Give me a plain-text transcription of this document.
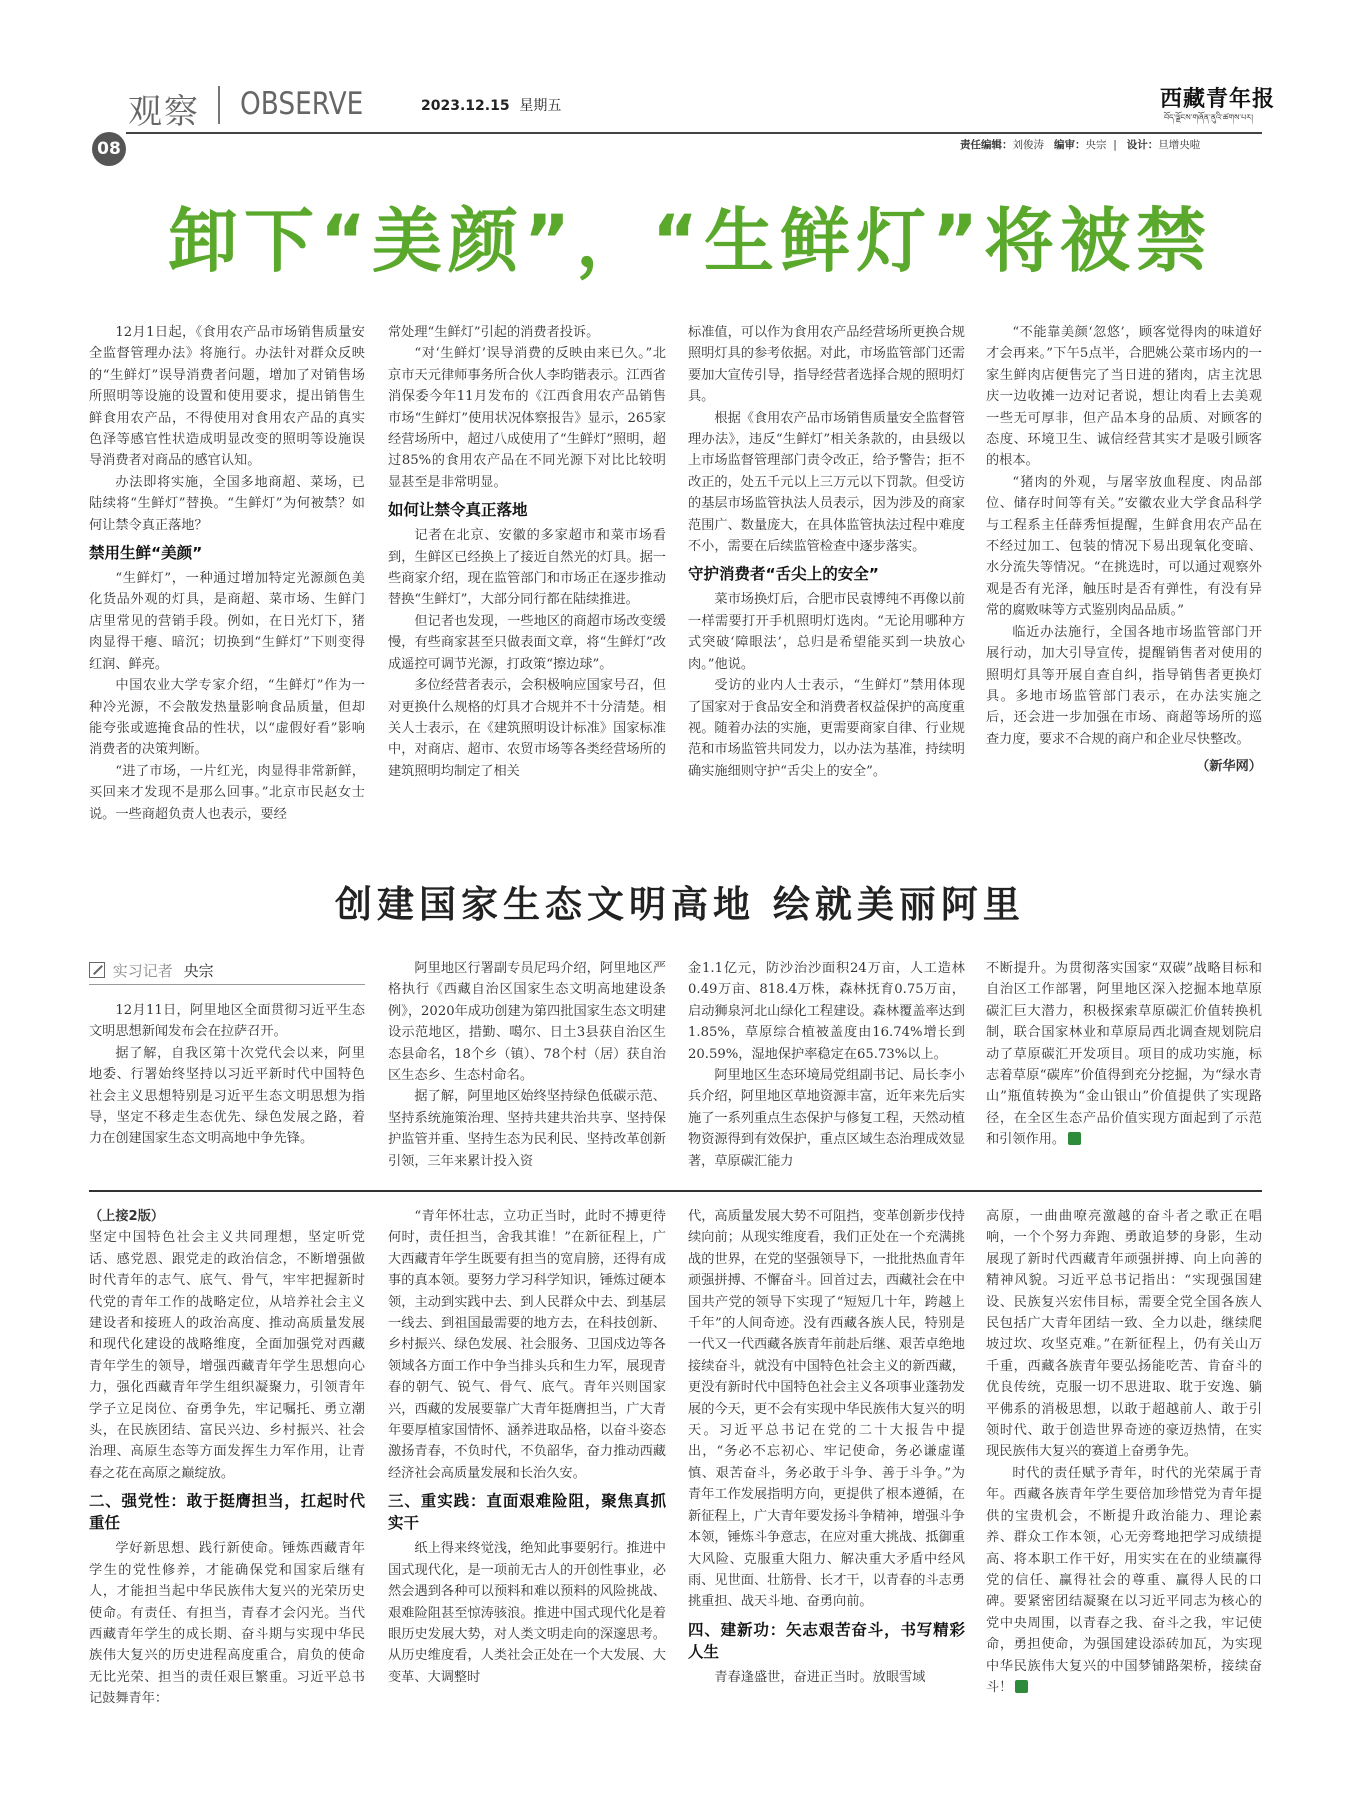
观察 OBSERVE	2023.12.15 星期五	西藏青年报
བོད་ལྗོངས་གཞོན་ནུའི་ཚགས་པར།
08	责任编辑：刘俊涛 编审：央宗  |   设计：旦增央啦
卸下“美颜”，“生鲜灯”将被禁

12月1日起，《食用农产品市场销售质量安全监督管理办法》将施行。办法针对群众反映的“生鲜灯”误导消费者问题，增加了对销售场所照明等设施的设置和使用要求，提出销售生鲜食用农产品，不得使用对食用农产品的真实色泽等感官性状造成明显改变的照明等设施误导消费者对商品的感官认知。

办法即将实施，全国多地商超、菜场，已陆续将“生鲜灯”替换。“生鲜灯”为何被禁？如何让禁令真正落地？

禁用生鲜“美颜”

“生鲜灯”，一种通过增加特定光源颜色美化货品外观的灯具，是商超、菜市场、生鲜门店里常见的营销手段。例如，在日光灯下，猪肉显得干瘪、暗沉；切换到“生鲜灯”下则变得红润、鲜亮。

中国农业大学专家介绍，“生鲜灯”作为一种冷光源，不会散发热量影响食品质量，但却能夸张或遮掩食品的性状，以“虚假好看”影响消费者的决策判断。

“进了市场，一片红光，肉显得非常新鲜，买回来才发现不是那么回事。”北京市民赵女士说。一些商超负责人也表示，要经

常处理“生鲜灯”引起的消费者投诉。

“对‘生鲜灯’误导消费的反映由来已久。”北京市天元律师事务所合伙人李昀锴表示。江西省消保委今年11月发布的《江西食用农产品销售市场“生鲜灯”使用状况体察报告》显示，265家经营场所中，超过八成使用了“生鲜灯”照明，超过85%的食用农产品在不同光源下对比比较明显甚至是非常明显。

如何让禁令真正落地

记者在北京、安徽的多家超市和菜市场看到，生鲜区已经换上了接近自然光的灯具。据一些商家介绍，现在监管部门和市场正在逐步推动替换“生鲜灯”，大部分同行都在陆续推进。

但记者也发现，一些地区的商超市场改变缓慢，有些商家甚至只做表面文章，将“生鲜灯”改成遥控可调节光源，打政策“擦边球”。

多位经营者表示，会积极响应国家号召，但对更换什么规格的灯具才合规并不十分清楚。相关人士表示，在《建筑照明设计标准》国家标准中，对商店、超市、农贸市场等各类经营场所的建筑照明均制定了相关

标准值，可以作为食用农产品经营场所更换合规照明灯具的参考依据。对此，市场监管部门还需要加大宣传引导，指导经营者选择合规的照明灯具。

根据《食用农产品市场销售质量安全监督管理办法》，违反“生鲜灯”相关条款的，由县级以上市场监督管理部门责令改正，给予警告；拒不改正的，处五千元以上三万元以下罚款。但受访的基层市场监管执法人员表示，因为涉及的商家范围广、数量庞大，在具体监管执法过程中难度不小，需要在后续监管检查中逐步落实。

守护消费者“舌尖上的安全”

菜市场换灯后，合肥市民袁博纯不再像以前一样需要打开手机照明灯选肉。“无论用哪种方式突破‘障眼法’，总归是希望能买到一块放心肉。”他说。

受访的业内人士表示，“生鲜灯”禁用体现了国家对于食品安全和消费者权益保护的高度重视。随着办法的实施，更需要商家自律、行业规范和市场监管共同发力，以办法为基准，持续明确实施细则守护“舌尖上的安全”。

“不能靠美颜‘忽悠’，顾客觉得肉的味道好才会再来。”下午5点半，合肥姚公菜市场内的一家生鲜肉店便售完了当日进的猪肉，店主沈思庆一边收摊一边对记者说，想让肉看上去美观一些无可厚非，但产品本身的品质、对顾客的态度、环境卫生、诚信经营其实才是吸引顾客的根本。

“猪肉的外观，与屠宰放血程度、肉品部位、储存时间等有关。”安徽农业大学食品科学与工程系主任薛秀恒提醒，生鲜食用农产品在不经过加工、包装的情况下易出现氧化变暗、水分流失等情况。“在挑选时，可以通过观察外观是否有光泽，触压时是否有弹性，有没有异常的腐败味等方式鉴别肉品品质。”

临近办法施行，全国各地市场监管部门开展行动，加大引导宣传，提醒销售者对使用的照明灯具等开展自查自纠，指导销售者更换灯具。多地市场监管部门表示，在办法实施之后，还会进一步加强在市场、商超等场所的巡查力度，要求不合规的商户和企业尽快整改。

（新华网）

创建国家生态文明高地 绘就美丽阿里
实习记者 央宗

12月11日，阿里地区全面贯彻习近平生态文明思想新闻发布会在拉萨召开。

据了解，自我区第十次党代会以来，阿里地委、行署始终坚持以习近平新时代中国特色社会主义思想特别是习近平生态文明思想为指导，坚定不移走生态优先、绿色发展之路，着力在创建国家生态文明高地中争先锋。

阿里地区行署副专员尼玛介绍，阿里地区严格执行《西藏自治区国家生态文明高地建设条例》，2020年成功创建为第四批国家生态文明建设示范地区，措勤、噶尔、日土3县获自治区生态县命名，18个乡（镇）、78个村（居）获自治区生态乡、生态村命名。

据了解，阿里地区始终坚持绿色低碳示范、坚持系统施策治理、坚持共建共治共享、坚持保护监管并重、坚持生态为民利民、坚持改革创新引领，三年来累计投入资

金1.1亿元，防沙治沙面积24万亩，人工造林0.49万亩、818.4万株，森林抚育0.75万亩，启动狮泉河北山绿化工程建设。森林覆盖率达到1.85%，草原综合植被盖度由16.74%增长到20.59%，湿地保护率稳定在65.73%以上。

阿里地区生态环境局党组副书记、局长李小兵介绍，阿里地区草地资源丰富，近年来先后实施了一系列重点生态保护与修复工程，天然动植物资源得到有效保护，重点区域生态治理成效显著，草原碳汇能力

不断提升。为贯彻落实国家“双碳”战略目标和自治区工作部署，阿里地区深入挖掘本地草原碳汇巨大潜力，积极探索草原碳汇价值转换机制，联合国家林业和草原局西北调查规划院启动了草原碳汇开发项目。项目的成功实施，标志着草原“碳库”价值得到充分挖掘，为“绿水青山”瓶值转换为“金山银山”价值提供了实现路径，在全区生态产品价值实现方面起到了示范和引领作用。

（上接2版）

坚定中国特色社会主义共同理想，坚定听党话、感党恩、跟党走的政治信念，不断增强做时代青年的志气、底气、骨气，牢牢把握新时代党的青年工作的战略定位，从培养社会主义建设者和接班人的政治高度、推动高质量发展和现代化建设的战略维度，全面加强党对西藏青年学生的领导，增强西藏青年学生思想向心力，强化西藏青年学生组织凝聚力，引领青年学子立足岗位、奋勇争先，牢记嘱托、勇立潮头，在民族团结、富民兴边、乡村振兴、社会治理、高原生态等方面发挥生力军作用，让青春之花在高原之巅绽放。

二、强党性：敢于挺膺担当，扛起时代重任

学好新思想、践行新使命。锤炼西藏青年学生的党性修养，才能确保党和国家后继有人，才能担当起中华民族伟大复兴的光荣历史使命。有责任、有担当，青春才会闪光。当代西藏青年学生的成长期、奋斗期与实现中华民族伟大复兴的历史进程高度重合，肩负的使命无比光荣、担当的责任艰巨繁重。习近平总书记鼓舞青年：

“青年怀壮志，立功正当时，此时不搏更待何时，责任担当，舍我其谁！”在新征程上，广大西藏青年学生既要有担当的宽肩膀，还得有成事的真本领。要努力学习科学知识，锤炼过硬本领，主动到实践中去、到人民群众中去、到基层一线去、到祖国最需要的地方去，在科技创新、乡村振兴、绿色发展、社会服务、卫国戍边等各领域各方面工作中争当排头兵和生力军，展现青春的朝气、锐气、骨气、底气。青年兴则国家兴，西藏的发展要靠广大青年挺膺担当，广大青年要厚植家国情怀、涵养进取品格，以奋斗姿态激扬青春，不负时代，不负韶华，奋力推动西藏经济社会高质量发展和长治久安。

三、重实践：直面艰难险阻，聚焦真抓实干

纸上得来终觉浅，绝知此事要躬行。推进中国式现代化，是一项前无古人的开创性事业，必然会遇到各种可以预料和难以预料的风险挑战、艰难险阻甚至惊涛骇浪。推进中国式现代化是着眼历史发展大势，对人类文明走向的深邃思考。从历史维度看，人类社会正处在一个大发展、大变革、大调整时

代，高质量发展大势不可阻挡，变革创新步伐持续向前；从现实维度看，我们正处在一个充满挑战的世界，在党的坚强领导下，一批批热血青年顽强拼搏、不懈奋斗。回首过去，西藏社会在中国共产党的领导下实现了“短短几十年，跨越上千年”的人间奇迹。没有西藏各族人民，特别是一代又一代西藏各族青年前赴后继、艰苦卓绝地接续奋斗，就没有中国特色社会主义的新西藏，更没有新时代中国特色社会主义各项事业蓬勃发展的今天，更不会有实现中华民族伟大复兴的明天。习近平总书记在党的二十大报告中提出，“务必不忘初心、牢记使命，务必谦虚谨慎、艰苦奋斗，务必敢于斗争、善于斗争。”为青年工作发展指明方向，更提供了根本遵循，在新征程上，广大青年要发扬斗争精神，增强斗争本领，锤炼斗争意志，在应对重大挑战、抵御重大风险、克服重大阻力、解决重大矛盾中经风雨、见世面、壮筋骨、长才干，以青春的斗志勇挑重担、战天斗地、奋勇向前。

四、建新功：矢志艰苦奋斗，书写精彩人生

青春逢盛世，奋进正当时。放眼雪域

高原，一曲曲嘹亮激越的奋斗者之歌正在唱响，一个个努力奔跑、勇敢追梦的身影，生动展现了新时代西藏青年顽强拼搏、向上向善的精神风貌。习近平总书记指出：“实现强国建设、民族复兴宏伟目标，需要全党全国各族人民包括广大青年团结一致、全力以赴，继续爬坡过坎、攻坚克难。”在新征程上，仍有关山万千重，西藏各族青年要弘扬能吃苦、肯奋斗的优良传统，克服一切不思进取、耽于安逸、躺平佛系的消极思想，以敢于超越前人、敢于引领时代、敢于创造世界奇迹的豪迈热情，在实现民族伟大复兴的赛道上奋勇争先。

时代的责任赋予青年，时代的光荣属于青年。西藏各族青年学生要倍加珍惜党为青年提供的宝贵机会，不断提升政治能力、理论素养、群众工作本领，心无旁骛地把学习成绩提高、将本职工作干好，用实实在在的业绩赢得党的信任、赢得社会的尊重、赢得人民的口碑。要紧密团结凝聚在以习近平同志为核心的党中央周围，以青春之我、奋斗之我，牢记使命，勇担使命，为强国建设添砖加瓦，为实现中华民族伟大复兴的中国梦铺路架桥，接续奋斗！
